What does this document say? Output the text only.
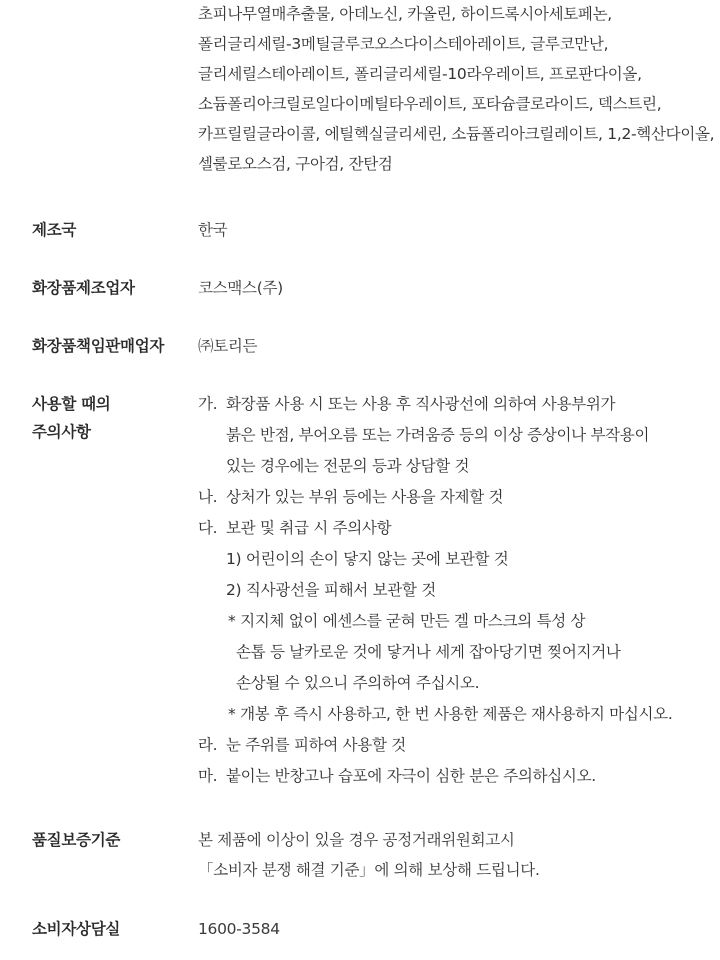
초피나무열매추출물, 아데노신, 카올린, 하이드록시아세토페논,
폴리글리세릴-3메틸글루코오스다이스테아레이트, 글루코만난,
글리세릴스테아레이트, 폴리글리세릴-10라우레이트, 프로판다이올,
소듐폴리아크릴로일다이메틸타우레이트, 포타슘클로라이드, 덱스트린,
카프릴릴글라이콜, 에틸헥실글리세린, 소듐폴리아크릴레이트, 1,2-헥산다이올,
셀룰로오스검, 구아검, 잔탄검
제조국	한국
화장품제조업자	코스맥스(주)
화장품책임판매업자 ㈜토리든
사용할 때의
주의사항
가. 화장품 사용 시 또는 사용 후 직사광선에 의하여 사용부위가
붉은 반점, 부어오름 또는 가려움증 등의 이상 증상이나 부작용이
있는 경우에는 전문의 등과 상담할 것
나. 상처가 있는 부위 등에는 사용을 자제할 것
다. 보관 및 취급 시 주의사항
1) 어린이의 손이 닿지 않는 곳에 보관할 것
2) 직사광선을 피해서 보관할 것
* 지지체 없이 에센스를 굳혀 만든 겔 마스크의 특성 상
손톱 등 날카로운 것에 닿거나 세게 잡아당기면 찢어지거나
손상될 수 있으니 주의하여 주십시오.
* 개봉 후 즉시 사용하고, 한 번 사용한 제품은 재사용하지 마십시오.
라. 눈 주위를 피하여 사용할 것
마. 붙이는 반창고나 습포에 자극이 심한 분은 주의하십시오.
품질보증기준	본 제품에 이상이 있을 경우 공정거래위원회고시
「소비자 분쟁 해결 기준」에 의해 보상해 드립니다.
소비자상담실	1600-3584
